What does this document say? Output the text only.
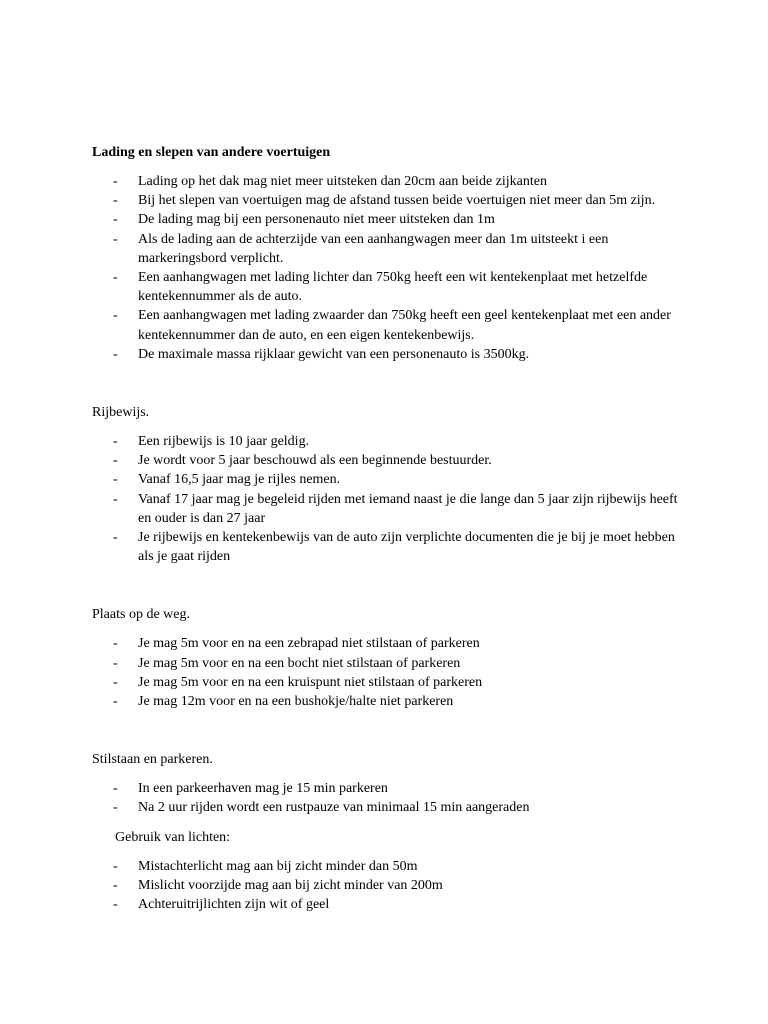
Lading en slepen van andere voertuigen

- Lading op het dak mag niet meer uitsteken dan 20cm aan beide zijkanten
- Bij het slepen van voertuigen mag de afstand tussen beide voertuigen niet meer dan 5m zijn.
- De lading mag bij een personenauto niet meer uitsteken dan 1m
- Als de lading aan de achterzijde van een aanhangwagen meer dan 1m uitsteekt i een markeringsbord verplicht.
- Een aanhangwagen met lading lichter dan 750kg heeft een wit kentekenplaat met hetzelfde kentekennummer als de auto.
- Een aanhangwagen met lading zwaarder dan 750kg heeft een geel kentekenplaat met een ander kentekennummer dan de auto, en een eigen kentekenbewijs.
- De maximale massa rijklaar gewicht van een personenauto is 3500kg.

Rijbewijs.

- Een rijbewijs is 10 jaar geldig.
- Je wordt voor 5 jaar beschouwd als een beginnende bestuurder.
- Vanaf 16,5 jaar mag je rijles nemen.
- Vanaf 17 jaar mag je begeleid rijden met iemand naast je die lange dan 5 jaar zijn rijbewijs heeft en ouder is dan 27 jaar
- Je rijbewijs en kentekenbewijs van de auto zijn verplichte documenten die je bij je moet hebben als je gaat rijden

Plaats op de weg.

- Je mag 5m voor en na een zebrapad niet stilstaan of parkeren
- Je mag 5m voor en na een bocht niet stilstaan of parkeren
- Je mag 5m voor en na een kruispunt niet stilstaan of parkeren
- Je mag 12m voor en na een bushokje/halte niet parkeren

Stilstaan en parkeren.

- In een parkeerhaven mag je 15 min parkeren
- Na 2 uur rijden wordt een rustpauze van minimaal 15 min aangeraden

Gebruik van lichten:

- Mistachterlicht mag aan bij zicht minder dan 50m
- Mislicht voorzijde mag aan bij zicht minder van 200m
- Achteruitrijlichten zijn wit of geel
